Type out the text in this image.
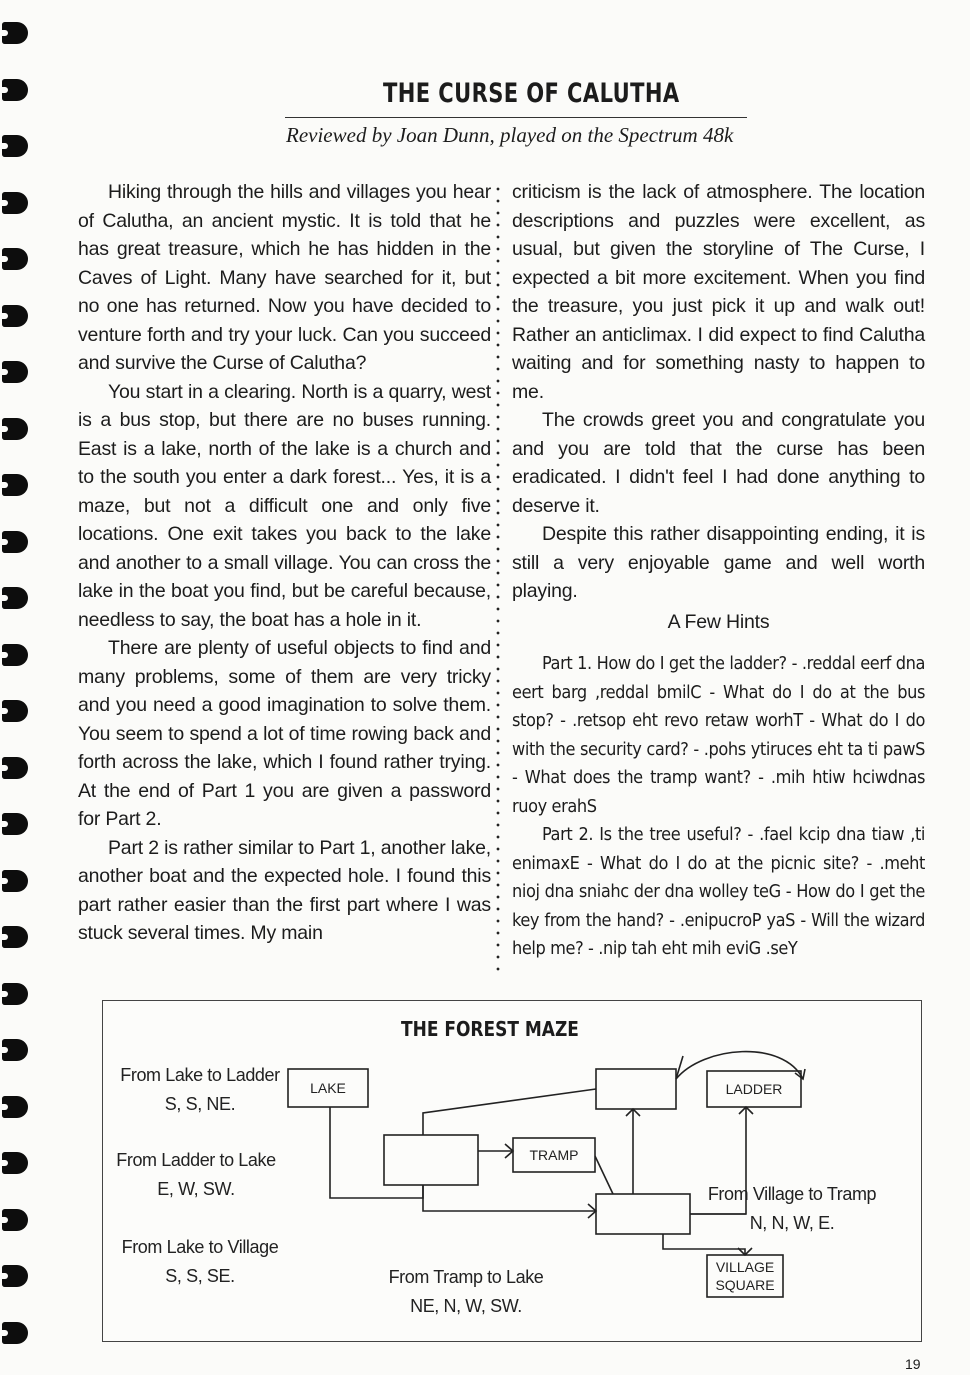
THE CURSE OF CALUTHA
Reviewed by Joan Dunn, played on the Spectrum 48k

Hiking through the hills and villages you hear of Calutha, an ancient mystic. It is told that he has great treasure, which he has hidden in the Caves of Light. Many have searched for it, but no one has returned. Now you have decided to venture forth and try your luck. Can you succeed and survive the Curse of Calutha?

You start in a clearing. North is a quarry, west is a bus stop, but there are no buses running. East is a lake, north of the lake is a church and to the south you enter a dark forest... Yes, it is a maze, but not a difficult one and only five locations. One exit takes you back to the lake and another to a small village. You can cross the lake in the boat you find, but be careful because, needless to say, the boat has a hole in it.

There are plenty of useful objects to find and many problems, some of them are very tricky and you need a good imagination to solve them. You seem to spend a lot of time rowing back and forth across the lake, which I found rather trying. At the end of Part 1 you are given a password for Part 2.

Part 2 is rather similar to Part 1, another lake, another boat and the expected hole. I found this part rather easier than the first part where I was stuck several times. My main

criticism is the lack of atmosphere. The location descriptions and puzzles were excellent, as usual, but given the storyline of The Curse, I expected a bit more excitement. When you find the treasure, you just pick it up and walk out! Rather an anticlimax. I did expect to find Calutha waiting and for something nasty to happen to me.

The crowds greet you and congratulate you and you are told that the curse has been eradicated. I didn't feel I had done anything to deserve it.

Despite this rather disappointing ending, it is still a very enjoyable game and well worth playing.

A Few Hints

Part 1. How do I get the ladder? - .reddal eerf dna eert barg ,reddal bmilC - What do I do at the bus stop? - .retsop eht revo retaw worhT - What do I do with the security card? - .pohs ytiruces eht ta ti pawS - What does the tramp want? - .mih htiw hciwdnas ruoy erahS

Part 2. Is the tree useful? - .fael kcip dna tiaw ,ti enimaxE - What do I do at the picnic site? - .meht nioj dna sniahc der dna wolley teG - How do I get the key from the hand? - .enipucroP yaS - Will the wizard help me? - .nip tah eht mih eviG .seY

THE FOREST MAZE
LAKE	LADDER
TRAMP
VILLAGE
SQUARE
From Lake to Ladder
S, S, NE.
From Ladder to Lake
E, W, SW.
From Lake to Village
S, S, SE.	From Tramp to Lake
NE, N, W, SW.
From Village to Tramp
N, N, W, E.
19
